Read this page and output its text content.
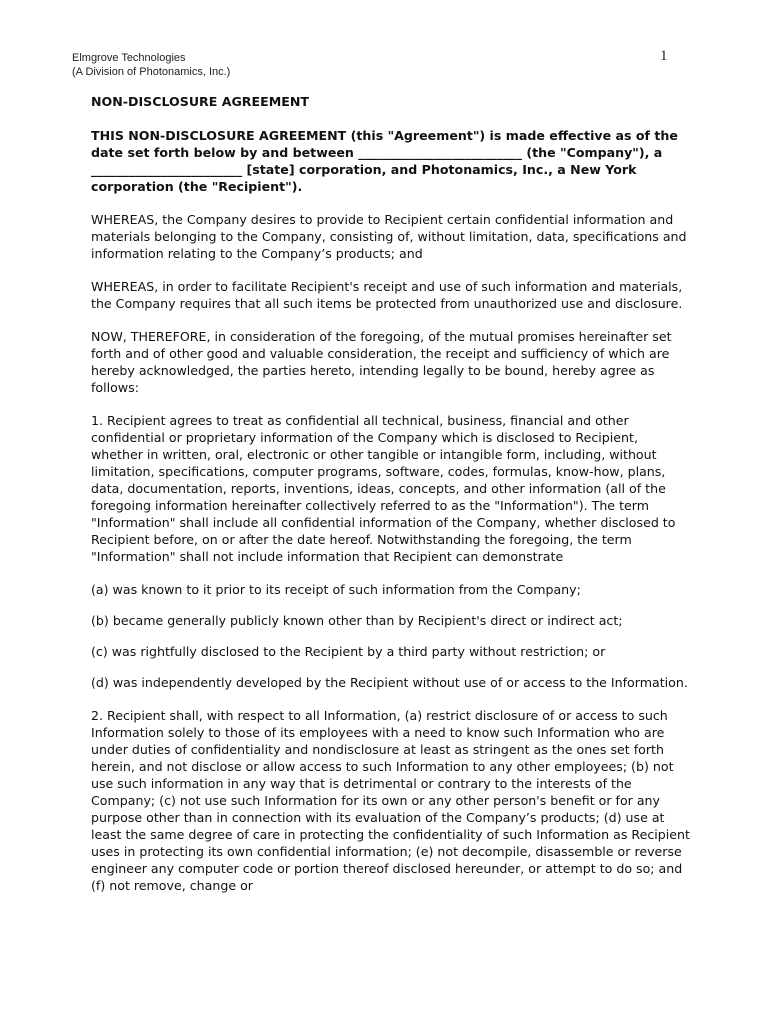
Elmgrove Technologies
(A Division of Photonamics, Inc.)
1

NON-DISCLOSURE AGREEMENT

THIS NON-DISCLOSURE AGREEMENT (this "Agreement") is made effective as of the date set forth below by and between __________________________ (the "Company"), a ________________________ [state] corporation, and Photonamics, Inc., a New York corporation (the "Recipient").

WHEREAS, the Company desires to provide to Recipient certain confidential information and materials belonging to the Company, consisting of, without limitation, data, specifications and information relating to the Company’s products; and

WHEREAS, in order to facilitate Recipient's receipt and use of such information and materials, the Company requires that all such items be protected from unauthorized use and disclosure.

NOW, THEREFORE, in consideration of the foregoing, of the mutual promises hereinafter set forth and of other good and valuable consideration, the receipt and sufficiency of which are hereby acknowledged, the parties hereto, intending legally to be bound, hereby agree as follows:

1. Recipient agrees to treat as confidential all technical, business, financial and other confidential or proprietary information of the Company which is disclosed to Recipient, whether in written, oral, electronic or other tangible or intangible form, including, without limitation, specifications, computer programs, software, codes, formulas, know-how, plans, data, documentation, reports, inventions, ideas, concepts, and other information (all of the foregoing information hereinafter collectively referred to as the "Information"). The term "Information" shall include all confidential information of the Company, whether disclosed to Recipient before, on or after the date hereof. Notwithstanding the foregoing, the term "Information" shall not include information that Recipient can demonstrate

(a) was known to it prior to its receipt of such information from the Company;

(b) became generally publicly known other than by Recipient's direct or indirect act;

(c) was rightfully disclosed to the Recipient by a third party without restriction; or

(d) was independently developed by the Recipient without use of or access to the Information.

2. Recipient shall, with respect to all Information, (a) restrict disclosure of or access to such Information solely to those of its employees with a need to know such Information who are under duties of confidentiality and nondisclosure at least as stringent as the ones set forth herein, and not disclose or allow access to such Information to any other employees; (b) not use such information in any way that is detrimental or contrary to the interests of the Company; (c) not use such Information for its own or any other person's benefit or for any purpose other than in connection with its evaluation of the Company’s products; (d) use at least the same degree of care in protecting the confidentiality of such Information as Recipient uses in protecting its own confidential information; (e) not decompile, disassemble or reverse engineer any computer code or portion thereof disclosed hereunder, or attempt to do so; and (f) not remove, change or
